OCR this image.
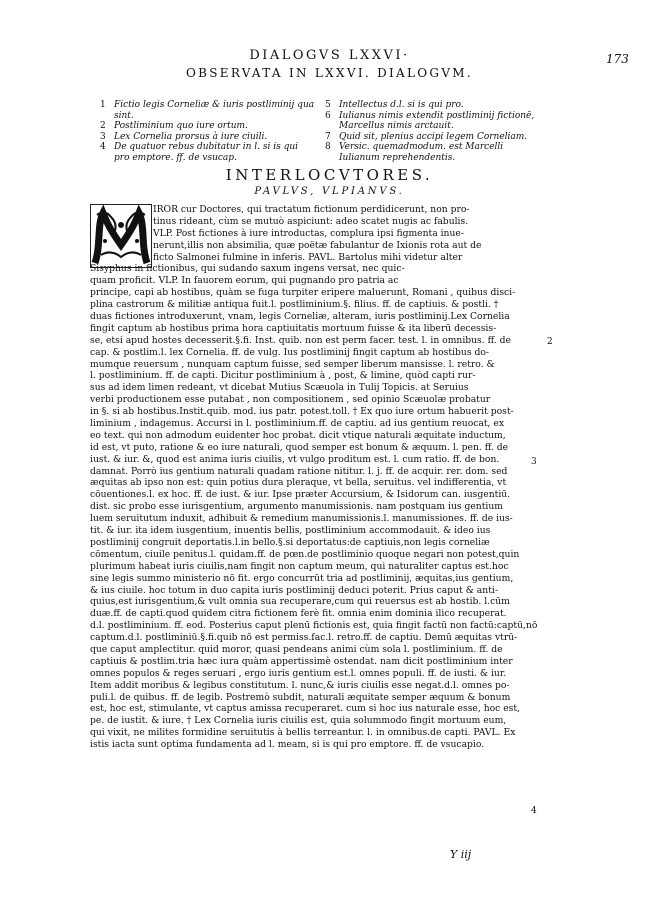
173
DIALOGVS LXXVI·
OBSERVATA IN LXXVI. DIALOGVM.
1 Fictio legis Corneliæ & iuris postliminij qua sint.
2 Postliminium quo iure ortum.
3 Lex Cornelia prorsus à iure ciuili.
4 De quatuor rebus dubitatur in l. si is qui pro emptore. ff. de vsucap.
5 Intellectus d.l. si is qui pro.
6 Iulianus nimis extendit postliminij fictionē, Marcellus nimis arctauit.
7 Quid sit, plenius accipi legem Corneliam.
8 Versic. quemadmodum. est Marcelli Iulianum reprehendentis.
INTERLOCVTORES.
PAVLVS, VLPIANVS.
IROR cur Doctores, qui tractatum fictionum perdidicerunt, non pro-
tinus rideant, cùm se mutuò aspiciunt: adeo scatet nugis ac fabulis.
VLP. Post fictiones à iure introductas, complura ipsi figmenta inue-
nerunt,illis non absimilia, quæ poëtæ fabulantur de Ixionis rota aut de
ficto Salmonei fulmine in inferis. PAVL. Bartolus mihi videtur alter
Sisyphus in fictionibus, qui sudando saxum ingens versat, nec quic-
quam proficit. VLP. In fauorem eorum, qui pugnando pro patria ac
principe, capi ab hostibus, quàm se fuga turpiter eripere maluerunt, Romani , quibus disci-
plina castrorum & militiæ antiqua fuit.l. postliminium.§. filius. ff. de captiuis. & postli. †
duas fictiones introduxerunt, vnam, legis Corneliæ, alteram, iuris postliminij.Lex Cornelia
fingit captum ab hostibus prima hora captiuitatis mortuum fuisse & ita liberū decessis-
se, etsi apud hostes decesserit.§.fi. Inst. quib. non est perm facer. test. l. in omnibus. ff. de
cap. & postlim.l. lex Cornelia. ff. de vulg. Ius postliminij fingit captum ab hostibus do-
mumque reuersum , nunquam captum fuisse, sed semper liberum mansisse. l. retro. &
l. postliminium. ff. de capti. Dicitur postliminium à , post, & limine, quòd capti rur-
sus ad idem limen redeant, vt dicebat Mutius Scæuola in Tulij Topicis. at Seruius
verbi productionem esse putabat , non compositionem , sed opinio Scæuolæ probatur
in §. si ab hostibus.Instit.quib. mod. ius patr. potest.toll. † Ex quo iure ortum habuerit post-
liminium , indagemus. Accursi in l. postliminium.ff. de captiu. ad ius gentium reuocat, ex
eo text. qui non admodum euidenter hoc probat. dicit vtique naturali æquitate inductum,
id est, vt puto, ratione & eo iure naturali, quod semper est bonum & æquum. l. pen. ff. de
iust. & iur. &, quod est anima iuris ciuilis, vt vulgo proditum est. l. cum ratio. ff. de bon.
damnat. Porrò ius gentium naturali quadam ratione nititur. l. j. ff. de acquir. rer. dom. sed
æquitas ab ipso non est: quin potius dura pleraque, vt bella, seruitus. vel indifferentia, vt
cōuentiones.l. ex hoc. ff. de iust. & iur. Ipse præter Accursium, & Isidorum can. iusgentiū.
dist. sic probo esse iurisgentium, argumento manumissionis. nam postquam ius gentium
luem seruitutum induxit, adhibuit & remedium manumissionis.l. manumissiones. ff. de ius-
tit. & iur. ita idem iusgentium, inuentis bellis, postliminium accommodauit. & ideo ius
postliminij congruit deportatis.l.in bello.§.si deportatus:de captiuis,non legis corneliæ
cōmentum, ciuile penitus.l. quidam.ff. de pœn.de postliminio quoque negari non potest,quin
plurimum habeat iuris ciuilis,nam fingit non captum meum, qui naturaliter captus est.hoc
sine legis summo ministerio nō fit. ergo concurrūt tria ad postliminij, æquitas,ius gentium,
& ius ciuile. hoc totum in duo capita iuris postliminij deduci poterit. Prius caput & anti-
quius,est iurisgentium,& vult omnia sua recuperare,cum qui reuersus est ab hostib. l.cūm
duæ.ff. de capti.quod quidem citra fictionem ferè fit. omnia enim dominia ilico recuperat.
d.l. postliminium. ff. eod. Posterius caput plenū fictionis est, quia fingit factū non factū:captū,nō
captum.d.l. postliminiū.§.fi.quib nō est permiss.fac.l. retro.ff. de captiu. Demū æquitas vtrū-
que caput amplectitur. quid moror, quasi pendeans animi cùm sola l. postliminium. ff. de
captiuis & postlim.tria hæc iura quàm appertissimè ostendat. nam dicit postliminium inter
omnes populos & reges seruari , ergo iuris gentium est.l. omnes populi. ff. de iusti. & iur.
Item addit moribus & legibus constitutum. l. nunc,& iuris ciuilis esse negat.d.l. omnes po-
puli.l. de quibus. ff. de legib. Postremò subdit, naturali æquitate semper æquum & bonum
est, hoc est, stimulante, vt captus amissa recuperaret. cum si hoc ius naturale esse, hoc est,
pe. de iustit. & iure. † Lex Cornelia iuris ciuilis est, quia solummodo fingit mortuum eum,
qui vixit, ne milites formidine seruitutis à bellis terreantur. l. in omnibus.de capti. PAVL. Ex
istis iacta sunt optima fundamenta ad l. meam, si is qui pro emptore. ff. de vsucapio.
2
3
4
Y iij
